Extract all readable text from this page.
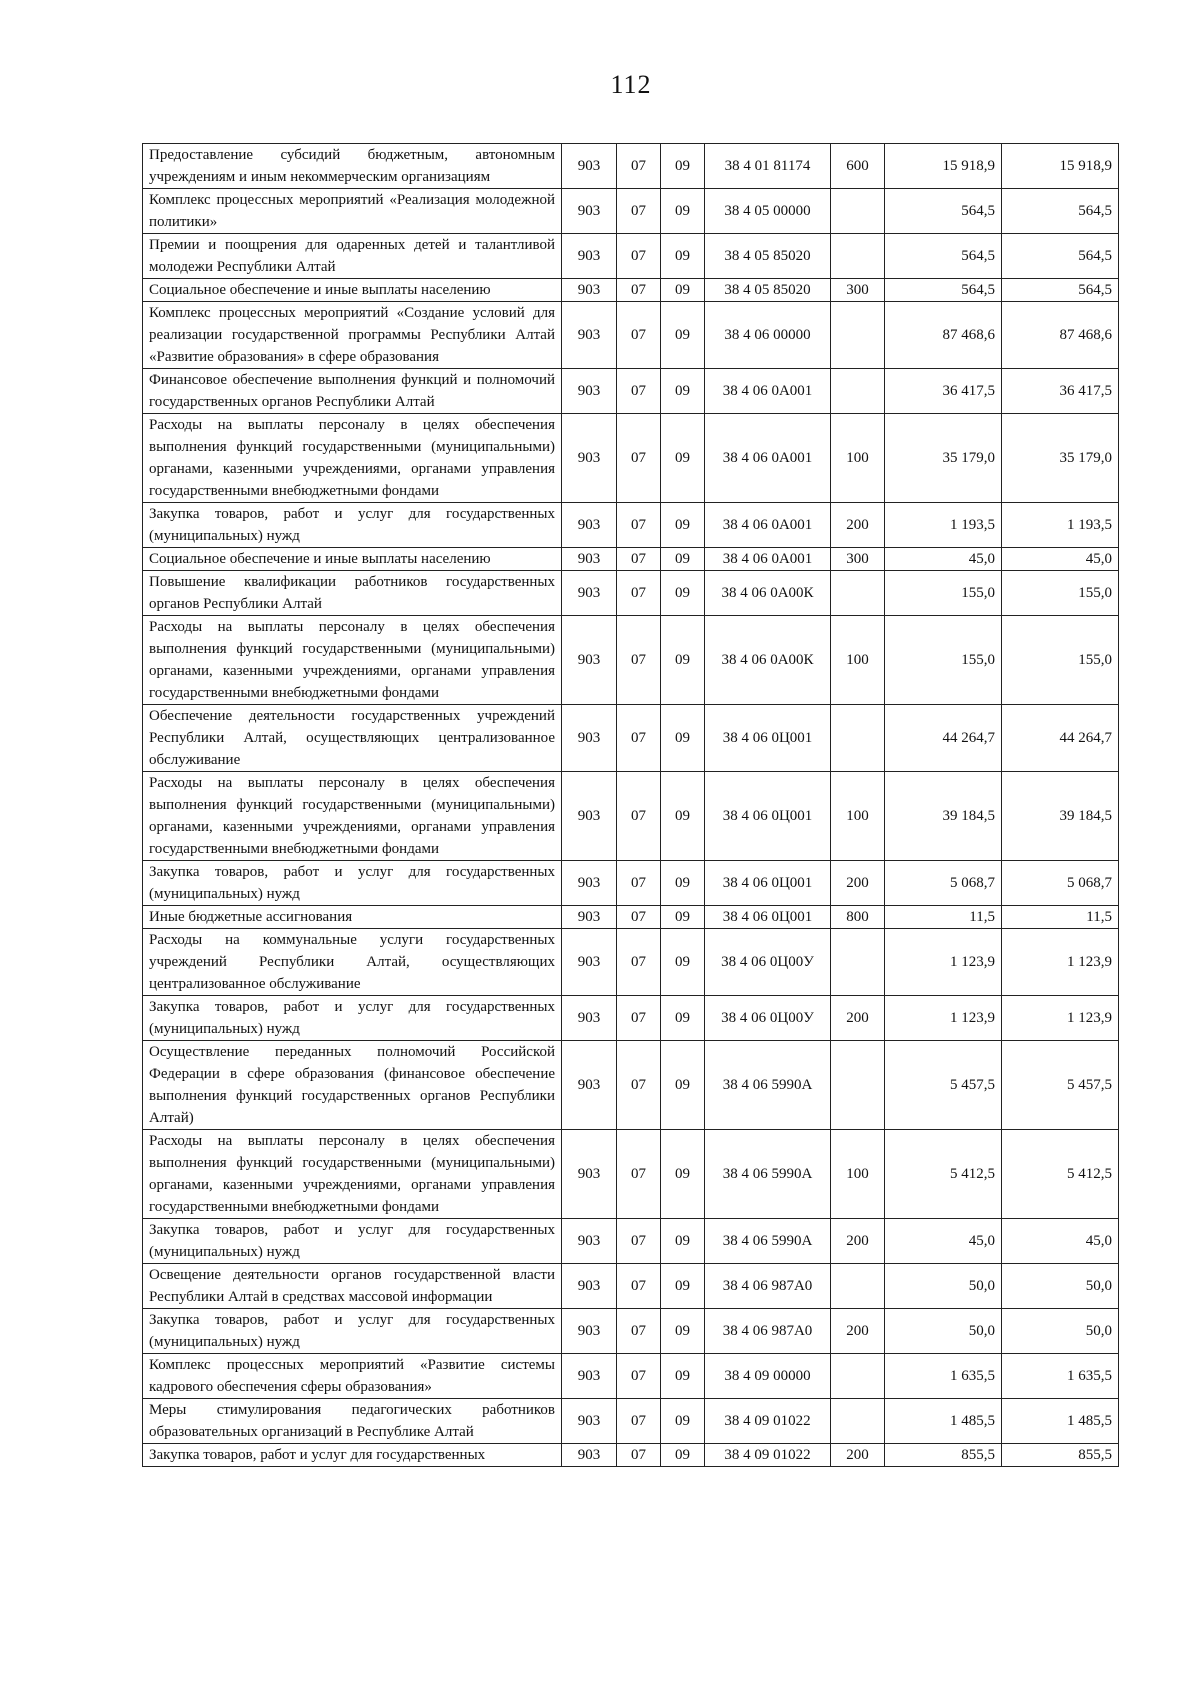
112
Предоставление субсидий бюджетным, автономным учреждениям и иным некоммерческим организациям	903	07	09	38 4 01 81174	600	15 918,9	15 918,9
Комплекс процессных мероприятий «Реализация молодежной политики»	903	07	09	38 4 05 00000		564,5	564,5
Премии и поощрения для одаренных детей и талантливой молодежи Республики Алтай	903	07	09	38 4 05 85020		564,5	564,5
Социальное обеспечение и иные выплаты населению	903	07	09	38 4 05 85020	300	564,5	564,5
Комплекс процессных мероприятий «Создание условий для реализации государственной программы Республики Алтай «Развитие образования» в сфере образования	903	07	09	38 4 06 00000		87 468,6	87 468,6
Финансовое обеспечение выполнения функций и полномочий государственных органов Республики Алтай	903	07	09	38 4 06 0А001		36 417,5	36 417,5
Расходы на выплаты персоналу в целях обеспечения выполнения функций государственными (муниципальными) органами, казенными учреждениями, органами управления государственными внебюджетными фондами	903	07	09	38 4 06 0А001	100	35 179,0	35 179,0
Закупка товаров, работ и услуг для государственных (муниципальных) нужд	903	07	09	38 4 06 0А001	200	1 193,5	1 193,5
Социальное обеспечение и иные выплаты населению	903	07	09	38 4 06 0А001	300	45,0	45,0
Повышение квалификации работников государственных органов Республики Алтай	903	07	09	38 4 06 0А00К		155,0	155,0
Расходы на выплаты персоналу в целях обеспечения выполнения функций государственными (муниципальными) органами, казенными учреждениями, органами управления государственными внебюджетными фондами	903	07	09	38 4 06 0А00К	100	155,0	155,0
Обеспечение деятельности государственных учреждений Республики Алтай, осуществляющих централизованное обслуживание	903	07	09	38 4 06 0Ц001		44 264,7	44 264,7
Расходы на выплаты персоналу в целях обеспечения выполнения функций государственными (муниципальными) органами, казенными учреждениями, органами управления государственными внебюджетными фондами	903	07	09	38 4 06 0Ц001	100	39 184,5	39 184,5
Закупка товаров, работ и услуг для государственных (муниципальных) нужд	903	07	09	38 4 06 0Ц001	200	5 068,7	5 068,7
Иные бюджетные ассигнования	903	07	09	38 4 06 0Ц001	800	11,5	11,5
Расходы на коммунальные услуги государственных учреждений Республики Алтай, осуществляющих централизованное обслуживание	903	07	09	38 4 06 0Ц00У		1 123,9	1 123,9
Закупка товаров, работ и услуг для государственных (муниципальных) нужд	903	07	09	38 4 06 0Ц00У	200	1 123,9	1 123,9
Осуществление переданных полномочий Российской Федерации в сфере образования (финансовое обеспечение выполнения функций государственных органов Республики Алтай)	903	07	09	38 4 06 5990А		5 457,5	5 457,5
Расходы на выплаты персоналу в целях обеспечения выполнения функций государственными (муниципальными) органами, казенными учреждениями, органами управления государственными внебюджетными фондами	903	07	09	38 4 06 5990А	100	5 412,5	5 412,5
Закупка товаров, работ и услуг для государственных (муниципальных) нужд	903	07	09	38 4 06 5990А	200	45,0	45,0
Освещение деятельности органов государственной власти Республики Алтай в средствах массовой информации	903	07	09	38 4 06 987А0		50,0	50,0
Закупка товаров, работ и услуг для государственных (муниципальных) нужд	903	07	09	38 4 06 987А0	200	50,0	50,0
Комплекс процессных мероприятий «Развитие системы кадрового обеспечения сферы образования»	903	07	09	38 4 09 00000		1 635,5	1 635,5
Меры стимулирования педагогических работников образовательных организаций в Республике Алтай	903	07	09	38 4 09 01022		1 485,5	1 485,5
Закупка товаров, работ и услуг для государственных	903	07	09	38 4 09 01022	200	855,5	855,5
